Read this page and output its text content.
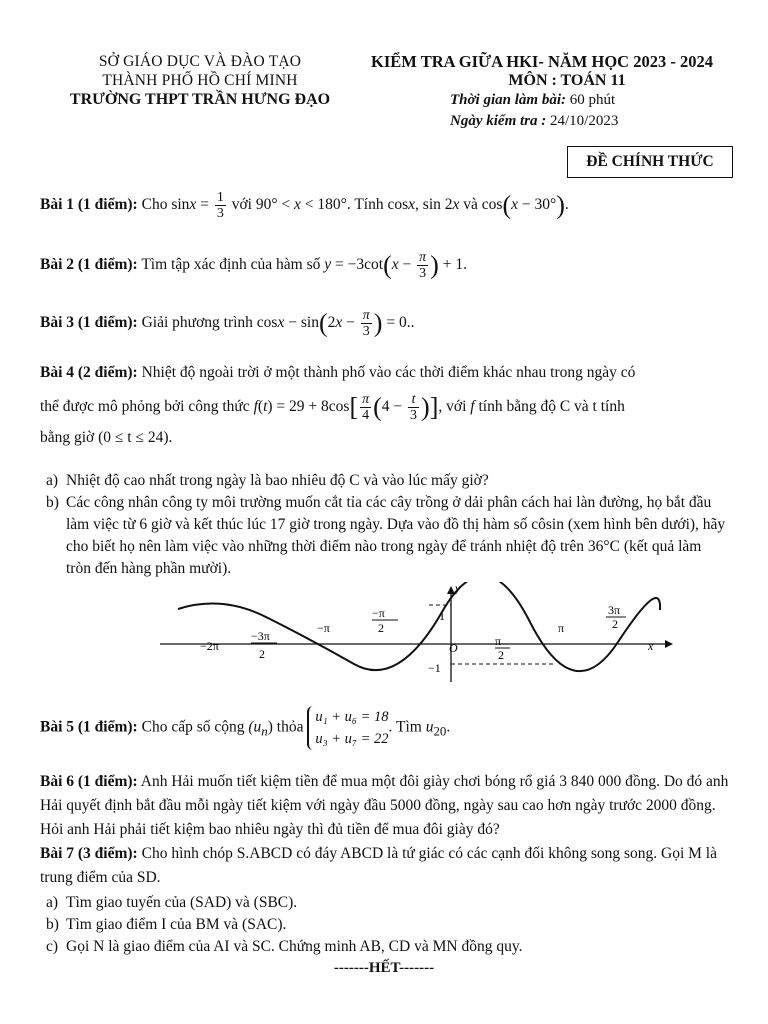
SỞ GIÁO DỤC VÀ ĐÀO TẠO
THÀNH PHỐ HỒ CHÍ MINH
TRƯỜNG THPT TRẦN HƯNG ĐẠO
KIỂM TRA GIỮA HKI- NĂM HỌC 2023 - 2024
MÔN : TOÁN 11
Thời gian làm bài: 60 phút
Ngày kiểm tra : 24/10/2023
ĐỀ CHÍNH THỨC
Bài 1 (1 điểm): Cho $\sin x = \frac{1}{3}$ với 90° < x < 180°. Tính cosx, sin 2x và cos(x − 30°).
Bài 2 (1 điểm): Tìm tập xác định của hàm số $y = -3\cot(x - \frac{\pi}{3}$ ) + 1.
Bài 3 (1 điểm): Giải phương trình $\cos x - \sin(2x - \frac{\pi}{3}$ ) = 0..
Bài 4 (2 điểm): Nhiệt độ ngoài trời ở một thành phố vào các thời điểm khác nhau trong ngày có
thể được mô phỏng bởi công thức $f(t) = 29 + 8\cos[ \frac{\pi}{4} (4 - \frac{t}{3}$ )], với f tính bằng độ C và t tính
bằng giờ (0 ≤ t ≤ 24).
a) Nhiệt độ cao nhất trong ngày là bao nhiêu độ C và vào lúc mấy giờ?
b) Các công nhân công ty môi trường muốn cắt tỉa các cây trồng ở dải phân cách hai làn đường, họ bắt đầu làm việc từ 6 giờ và kết thúc lúc 17 giờ trong ngày. Dựa vào đồ thị hàm số côsin (xem hình bên dưới), hãy cho biết họ nên làm việc vào những thời điểm nào trong ngày để tránh nhiệt độ trên 36°C (kết quả làm tròn đến hàng phần mười).
−2π
−3π
2
−π
−π
2
1
O	π
2
π
3π
2
−1
x
y
Bài 5 (1 điểm): Cho cấp số cộng $(u_n)$ thỏa
u₁ + u₆ = 18
u₃ + u₇ = 22
. Tìm $u_{20}$.
Bài 6 (1 điểm): Anh Hải muốn tiết kiệm tiền để mua một đôi giày chơi bóng rổ giá 3 840 000 đồng. Do đó anh Hải quyết định bắt đầu mỗi ngày tiết kiệm với ngày đầu 5000 đồng, ngày sau cao hơn ngày trước 2000 đồng. Hỏi anh Hải phải tiết kiệm bao nhiêu ngày thì đủ tiền để mua đôi giày đó?
Bài 7 (3 điểm): Cho hình chóp S.ABCD có đáy ABCD là tứ giác có các cạnh đối không song song. Gọi M là trung điểm của SD.
a) Tìm giao tuyến của (SAD) và (SBC).
b) Tìm giao điểm I của BM và (SAC).
c) Gọi N là giao điểm của AI và SC. Chứng minh AB, CD và MN đồng quy.
-------HẾT-------
